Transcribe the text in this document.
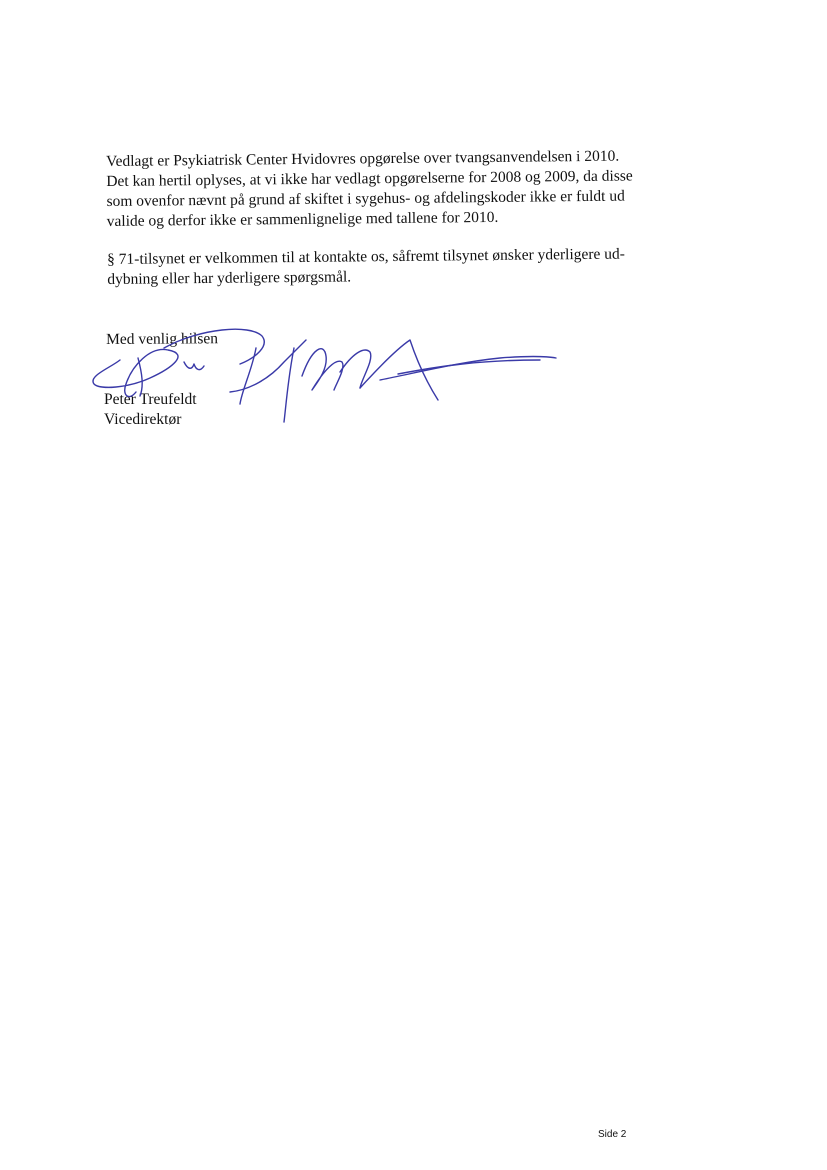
Vedlagt er Psykiatrisk Center Hvidovres opgørelse over tvangsanvendelsen i 2010.
Det kan hertil oplyses, at vi ikke har vedlagt opgørelserne for 2008 og 2009, da disse
som ovenfor nævnt på grund af skiftet i sygehus- og afdelingskoder ikke er fuldt ud
valide og derfor ikke er sammenlignelige med tallene for 2010.

§ 71-tilsynet er velkommen til at kontakte os, såfremt tilsynet ønsker yderligere ud-
dybning eller har yderligere spørgsmål.

Med venlig hilsen
Peter Treufeldt
Vicedirektør
Side 2
